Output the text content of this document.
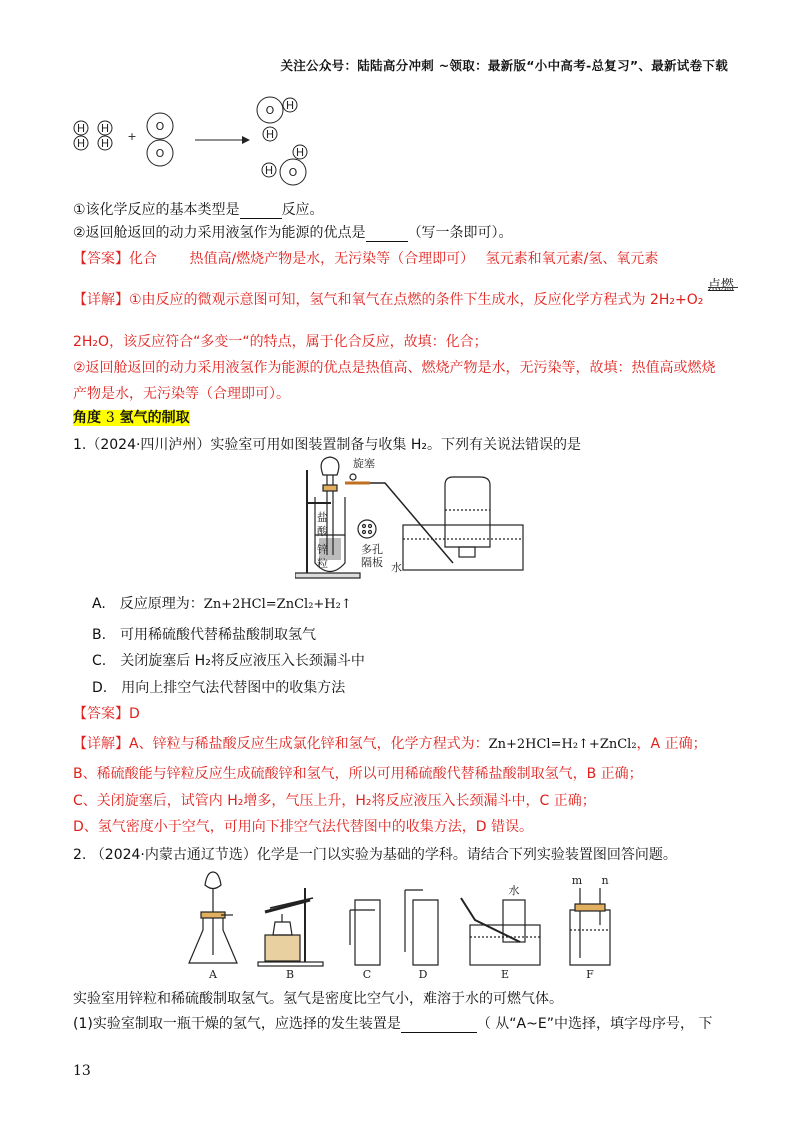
关注公众号：陆陆高分冲刺 ~领取：最新版“小中高考-总复习”、最新试卷下载
H
H
H
H
+
O
O
O H
H
H
O
H
①该化学反应的基本类型是	反应。
②返回舱返回的动力采用液氢作为能源的优点是	（写一条即可）。
【答案】化合　　 热值高/燃烧产物是水，无污染等（合理即可）　 氢元素和氧元素/氢、氧元素
【详解】①由反应的微观示意图可知，氢气和氧气在点燃的条件下生成水，反应化学方程式为 2H₂+O₂
点燃
2H₂O，该反应符合“多变一“的特点，属于化合反应，故填：化合；
②返回舱返回的动力采用液氢作为能源的优点是热值高、燃烧产物是水，无污染等，故填：热值高或燃烧
产物是水，无污染等（合理即可）。
角度 3 氢气的制取
1.（2024·四川泸州）实验室可用如图装置制备与收集 H₂。下列有关说法错误的是
旋塞
盐
酸
锌
粒
多孔
隔板 水
A.　反应原理为：Zn+2HCl=ZnCl₂+H₂↑
B.　可用稀硫酸代替稀盐酸制取氢气
C.　关闭旋塞后 H₂将反应液压入长颈漏斗中
D.　用向上排空气法代替图中的收集方法
【答案】D
【详解】A、锌粒与稀盐酸反应生成氯化锌和氢气，化学方程式为：Zn+2HCl=H₂↑+ZnCl₂，A 正确；
B、稀硫酸能与锌粒反应生成硫酸锌和氢气，所以可用稀硫酸代替稀盐酸制取氢气，B 正确；
C、关闭旋塞后，试管内 H₂增多，气压上升，H₂将反应液压入长颈漏斗中，C 正确；
D、氢气密度小于空气，可用向下排空气法代替图中的收集方法，D 错误。
2. （2024·内蒙古通辽节选）化学是一门以实验为基础的学科。请结合下列实验装置图回答问题。
A	B	C	D	E	F
水
m n
实验室用锌粒和稀硫酸制取氢气。氢气是密度比空气小，难溶于水的可燃气体。
(1)实验室制取一瓶干燥的氢气，应选择的发生装置是	（ 从“A~E”中选择，填字母序号， 下
13
